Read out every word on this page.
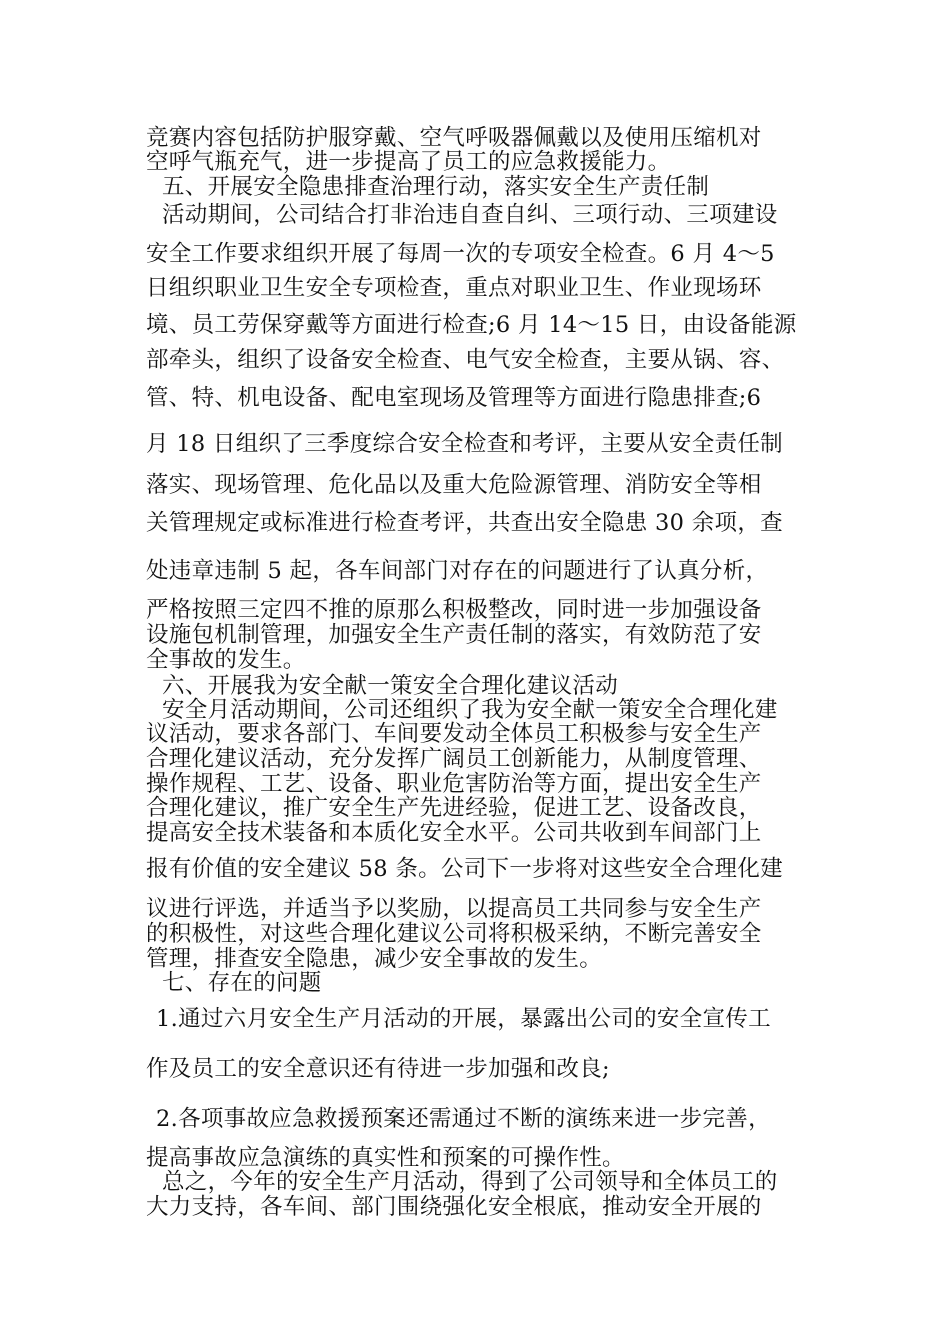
竞赛内容包括防护服穿戴、空气呼吸器佩戴以及使用压缩机对
空呼气瓶充气，进一步提高了员工的应急救援能力。
五、开展安全隐患排查治理行动，落实安全生产责任制
活动期间，公司结合打非治违自查自纠、三项行动、三项建设
安全工作要求组织开展了每周一次的专项安全检查。6 月 4～5
日组织职业卫生安全专项检查，重点对职业卫生、作业现场环
境、员工劳保穿戴等方面进行检查;6 月 14～15 日，由设备能源
部牵头，组织了设备安全检查、电气安全检查，主要从锅、容、
管、特、机电设备、配电室现场及管理等方面进行隐患排查;6
月 18 日组织了三季度综合安全检查和考评，主要从安全责任制
落实、现场管理、危化品以及重大危险源管理、消防安全等相
关管理规定或标准进行检查考评，共查出安全隐患 30 余项，查
处违章违制 5 起，各车间部门对存在的问题进行了认真分析，
严格按照三定四不推的原那么积极整改，同时进一步加强设备
设施包机制管理，加强安全生产责任制的落实，有效防范了安
全事故的发生。
六、开展我为安全献一策安全合理化建议活动
安全月活动期间，公司还组织了我为安全献一策安全合理化建
议活动，要求各部门、车间要发动全体员工积极参与安全生产
合理化建议活动，充分发挥广阔员工创新能力，从制度管理、
操作规程、工艺、设备、职业危害防治等方面，提出安全生产
合理化建议，推广安全生产先进经验，促进工艺、设备改良，
提高安全技术装备和本质化安全水平。公司共收到车间部门上
报有价值的安全建议 58 条。公司下一步将对这些安全合理化建
议进行评选，并适当予以奖励，以提高员工共同参与安全生产
的积极性，对这些合理化建议公司将积极采纳，不断完善安全
管理，排查安全隐患，减少安全事故的发生。
七、存在的问题
1.通过六月安全生产月活动的开展，暴露出公司的安全宣传工
作及员工的安全意识还有待进一步加强和改良;
2.各项事故应急救援预案还需通过不断的演练来进一步完善，
提高事故应急演练的真实性和预案的可操作性。
总之，今年的安全生产月活动，得到了公司领导和全体员工的
大力支持，各车间、部门围绕强化安全根底，推动安全开展的
